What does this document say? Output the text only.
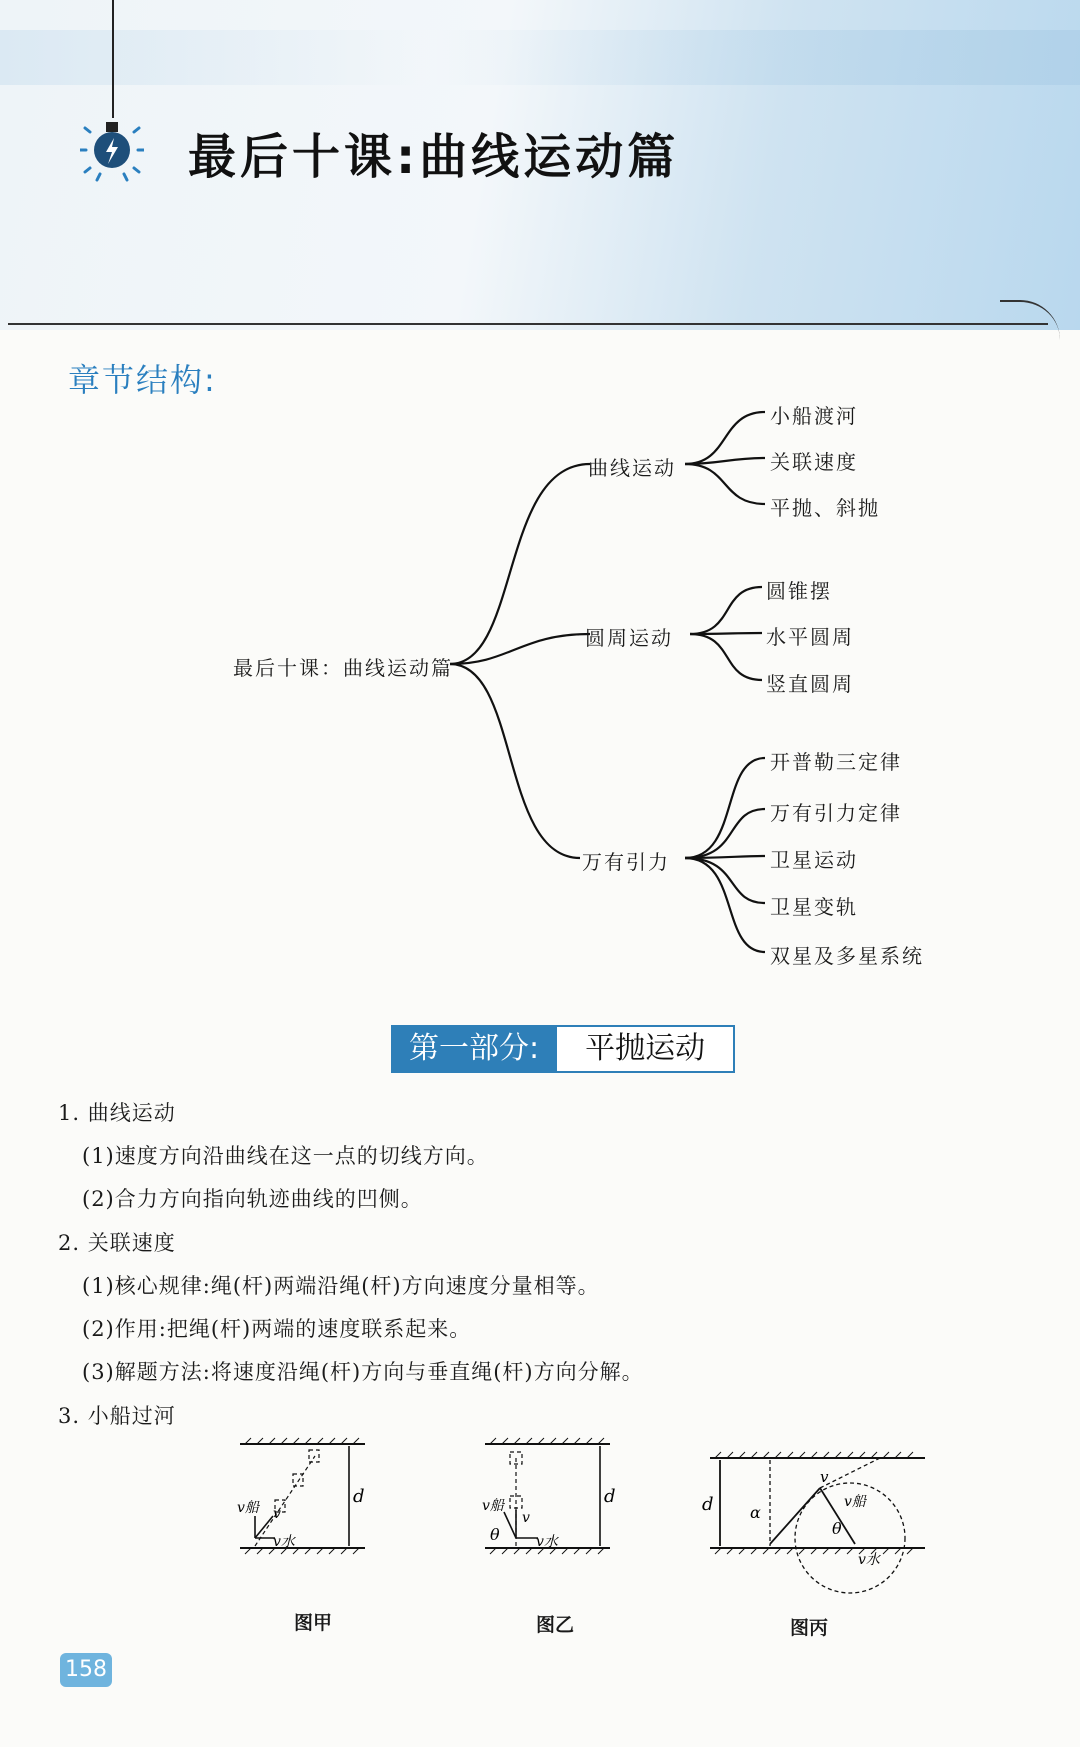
最后十课:曲线运动篇
章节结构:
最后十课：曲线运动篇
曲线运动
小船渡河
关联速度
平抛、斜抛
圆周运动
圆锥摆
水平圆周
竖直圆周
万有引力
开普勒三定律
万有引力定律
卫星运动
卫星变轨
双星及多星系统
第一部分:	平抛运动
1. 曲线运动
(1)速度方向沿曲线在这一点的切线方向。
(2)合力方向指向轨迹曲线的凹侧。
2. 关联速度
(1)核心规律:绳(杆)两端沿绳(杆)方向速度分量相等。
(2)作用:把绳(杆)两端的速度联系起来。
(3)解题方法:将速度沿绳(杆)方向与垂直绳(杆)方向分解。
3. 小船过河
v船 v
v水
d
图甲
v船
v
v水
θ
d
图乙
α
θ
v
v船
v水
d
图丙
158
